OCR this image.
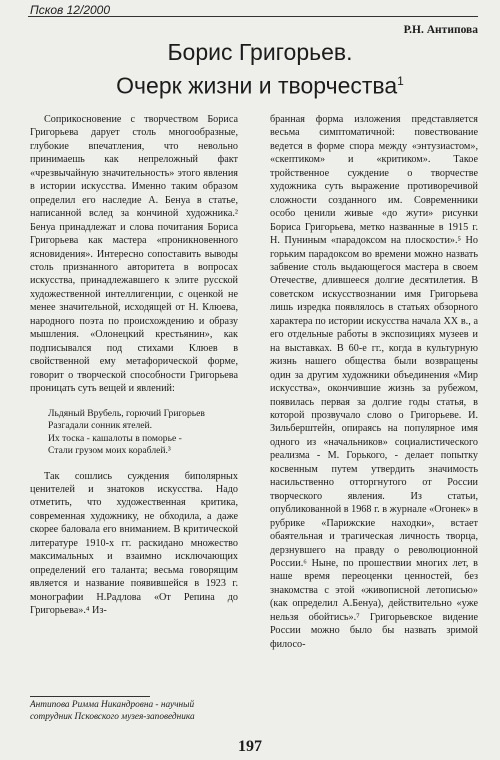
Псков 12/2000
Р.Н. Антипова
Борис Григорьев.
Очерк жизни и творчества$^1$

Соприкосновение с творчеством Бориса Григорьева дарует столь многообразные, глубокие впечатления, что невольно принимаешь как непреложный факт «чрезвычайную значительность» этого явления в истории искусства. Именно таким образом определил его наследие А. Бенуа в статье, написанной вслед за кончиной художника.² Бенуа принадлежат и слова почитания Бориса Григорьева как мастера «проникновенного ясновидения». Интересно сопоставить выводы столь признанного авторитета в вопросах искусства, принадлежавшего к элите русской художественной интеллигенции, с оценкой не менее значительной, исходящей от Н. Клюева, народного поэта по происхождению и образу мышления. «Олонецкий крестьянин», как подписывался под стихами Клюев в свойственной ему метафорической форме, говорит о творческой способности Григорьева проницать суть вещей и явлений:

Льдяный Врубель, горючий Григорьев
Разгадали сонник ятелей.
Их тоска - кашалоты в поморье -
Стали грузом моих кораблей.³

Так сошлись суждения биполярных ценителей и знатоков искусства. Надо отметить, что художественная критика, современная художнику, не обходила, а даже скорее баловала его вниманием. В критической литературе 1910-х гг. раскидано множество максимальных и взаимно исключающих определений его таланта; весьма говорящим является и название появившейся в 1923 г. монографии Н.Радлова «От Репина до Григорьева».⁴ Из-

бранная форма изложения представляется весьма симптоматичной: повествование ведется в форме спора между «энтузиастом», «скептиком» и «критиком». Такое тройственное суждение о творчестве художника суть выражение противоречивой сложности созданного им. Современники особо ценили живые «до жути» рисунки Бориса Григорьева, метко названные в 1915 г. Н. Пуниным «парадоксом на плоскости».⁵ Но горьким парадоксом во времени можно назвать забвение столь выдающегося мастера в своем Отечестве, длившееся долгие десятилетия. В советском искусствознании имя Григорьева лишь изредка появлялось в статьях обзорного характера по истории искусства начала XX в., а его отдельные работы в экспозициях музеев и на выставках. В 60-е гг., когда в культурную жизнь нашего общества были возвращены один за другим художники объединения «Мир искусства», окончившие жизнь за рубежом, появилась первая за долгие годы статья, в которой прозвучало слово о Григорьеве. И. Зильберштейн, опираясь на популярное имя одного из «начальников» социалистического реализма - М. Горького, - делает попытку косвенным путем утвердить значимость насильственно отторгнутого от России творческого явления. Из статьи, опубликованной в 1968 г. в журнале «Огонек» в рубрике «Парижские находки», встает обаятельная и трагическая личность творца, дерзнувшего на правду о революционной России.⁶ Ныне, по прошествии многих лет, в наше время переоценки ценностей, без знакомства с этой «живописной летописью» (как определил А.Бенуа), действительно «уже нельзя обойтись».⁷ Григорьевское видение России можно было бы назвать зримой филосо-

Антипова Римма Никандровна - научный
сотрудник Псковского музея-заповедника
197
